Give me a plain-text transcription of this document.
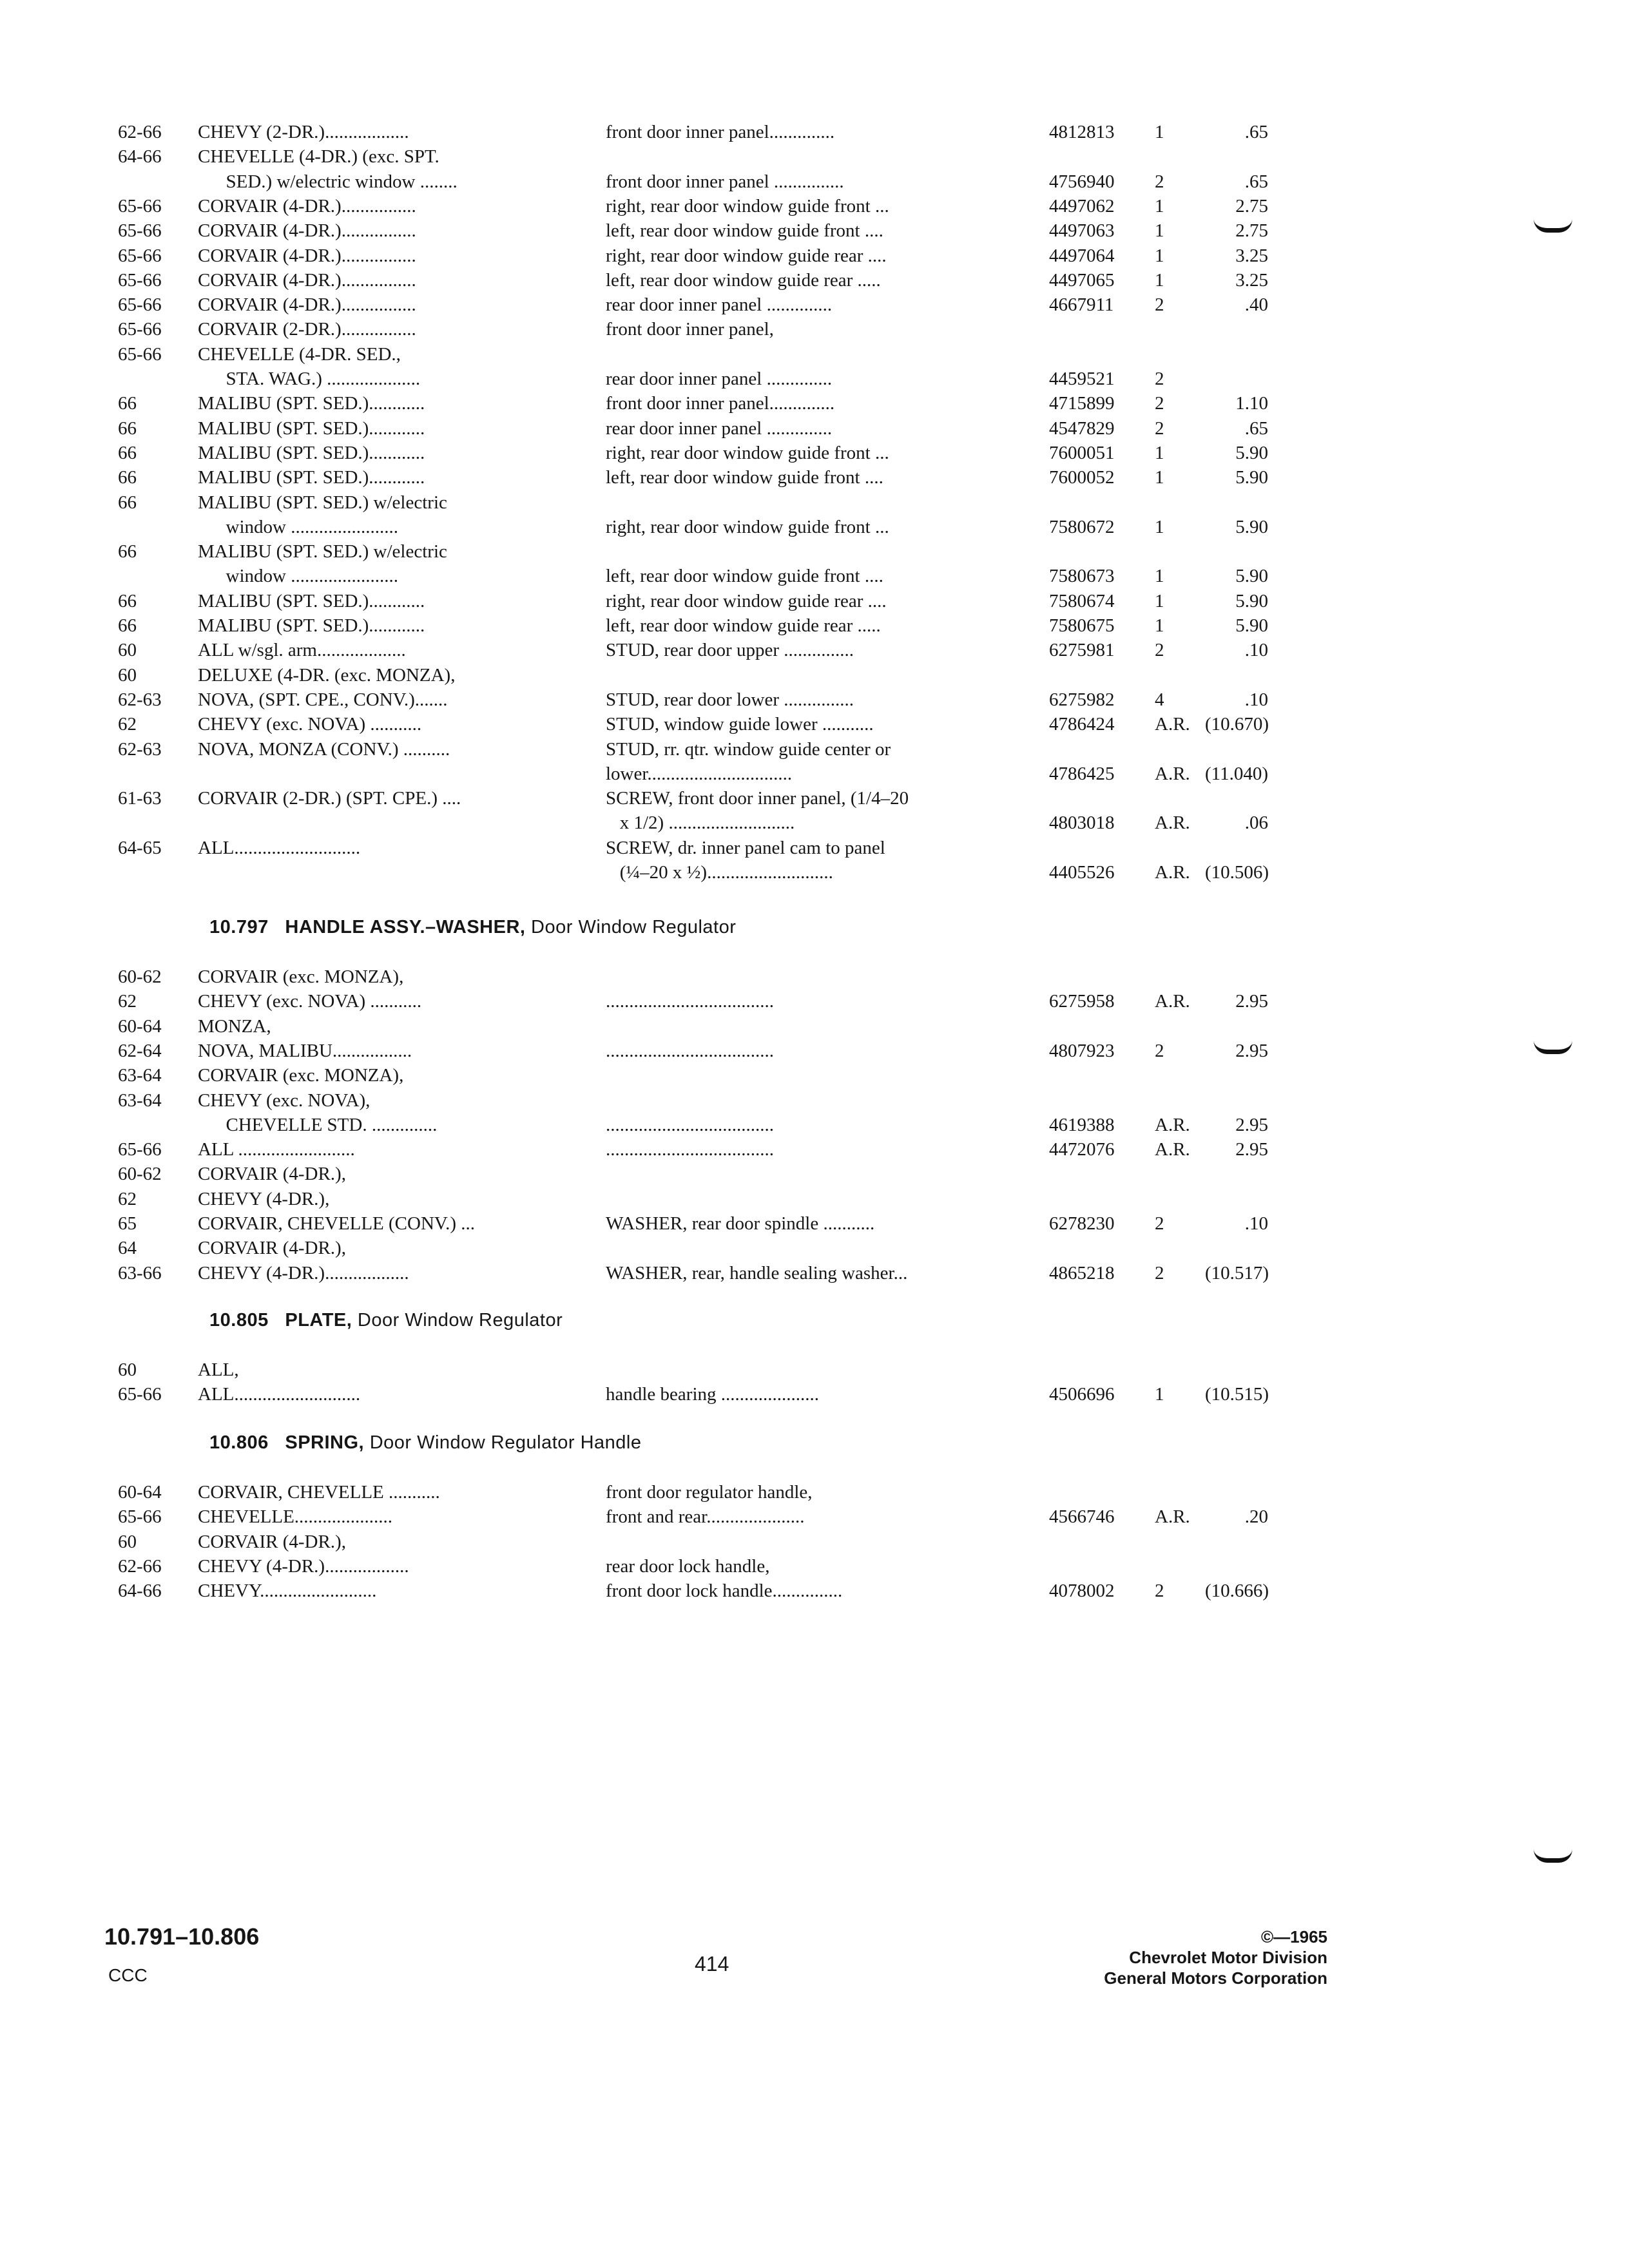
62-66 CHEVY (2-DR.)..................	front door inner panel..............	4812813 1	.65
64-66 CHEVELLE (4-DR.) (exc. SPT.
SED.) w/electric window ........	front door inner panel ...............	4756940 2	.65
65-66 CORVAIR (4-DR.)................	right, rear door window guide front ...	4497062 1	2.75
65-66 CORVAIR (4-DR.)................	left, rear door window guide front ....	4497063 1	2.75
65-66 CORVAIR (4-DR.)................	right, rear door window guide rear ....	4497064 1	3.25
65-66 CORVAIR (4-DR.)................	left, rear door window guide rear .....	4497065 1	3.25
65-66 CORVAIR (4-DR.)................	rear door inner panel ..............	4667911 2	.40
65-66 CORVAIR (2-DR.)................	front door inner panel,
65-66 CHEVELLE (4-DR. SED.,
STA. WAG.) ....................	rear door inner panel ..............	4459521 2
66	MALIBU (SPT. SED.)............	front door inner panel..............	4715899 2	1.10
66	MALIBU (SPT. SED.)............	rear door inner panel ..............	4547829 2	.65
66	MALIBU (SPT. SED.)............	right, rear door window guide front ...	7600051 1	5.90
66	MALIBU (SPT. SED.)............	left, rear door window guide front ....	7600052 1	5.90
66	MALIBU (SPT. SED.) w/electric
window .......................	right, rear door window guide front ...	7580672 1	5.90
66	MALIBU (SPT. SED.) w/electric
window .......................	left, rear door window guide front ....	7580673 1	5.90
66	MALIBU (SPT. SED.)............	right, rear door window guide rear ....	7580674 1	5.90
66	MALIBU (SPT. SED.)............	left, rear door window guide rear .....	7580675 1	5.90
60	ALL w/sgl. arm...................	STUD, rear door upper ...............	6275981 2	.10
60	DELUXE (4-DR. (exc. MONZA),
62-63 NOVA, (SPT. CPE., CONV.).......	STUD, rear door lower ...............	6275982 4	.10
62	CHEVY (exc. NOVA) ...........	STUD, window guide lower ...........	4786424 A.R. (10.670)
62-63 NOVA, MONZA (CONV.) ..........	STUD, rr. qtr. window guide center or
lower...............................	4786425 A.R. (11.040)
61-63 CORVAIR (2-DR.) (SPT. CPE.) ....	SCREW, front door inner panel, (1/4–20
x 1/2) ...........................	4803018 A.R.	.06
64-65 ALL...........................	SCREW, dr. inner panel cam to panel
(¼–20 x ½)...........................	4405526 A.R. (10.506)
10.797 HANDLE ASSY.–WASHER, Door Window Regulator
60-62 CORVAIR (exc. MONZA),
62	CHEVY (exc. NOVA) ...........	....................................	6275958 A.R.	2.95
60-64 MONZA,
62-64 NOVA, MALIBU.................	....................................	4807923 2	2.95
63-64 CORVAIR (exc. MONZA),
63-64 CHEVY (exc. NOVA),
CHEVELLE STD. ..............	....................................	4619388 A.R.	2.95
65-66 ALL .........................	....................................	4472076 A.R.	2.95
60-62 CORVAIR (4-DR.),
62	CHEVY (4-DR.),
65	CORVAIR, CHEVELLE (CONV.) ...	WASHER, rear door spindle ...........	6278230 2	.10
64	CORVAIR (4-DR.),
63-66 CHEVY (4-DR.)..................	WASHER, rear, handle sealing washer...	4865218 2 (10.517)
10.805 PLATE, Door Window Regulator
60	ALL,
65-66 ALL...........................	handle bearing .....................	4506696 1 (10.515)
10.806 SPRING, Door Window Regulator Handle
60-64 CORVAIR, CHEVELLE ...........	front door regulator handle,
65-66 CHEVELLE.....................	front and rear.....................	4566746 A.R.	.20
60	CORVAIR (4-DR.),
62-66 CHEVY (4-DR.)..................	rear door lock handle,
64-66 CHEVY.........................	front door lock handle...............	4078002 2 (10.666)
10.791–10.806
CCC	414
©—1965
Chevrolet Motor Division
General Motors Corporation
